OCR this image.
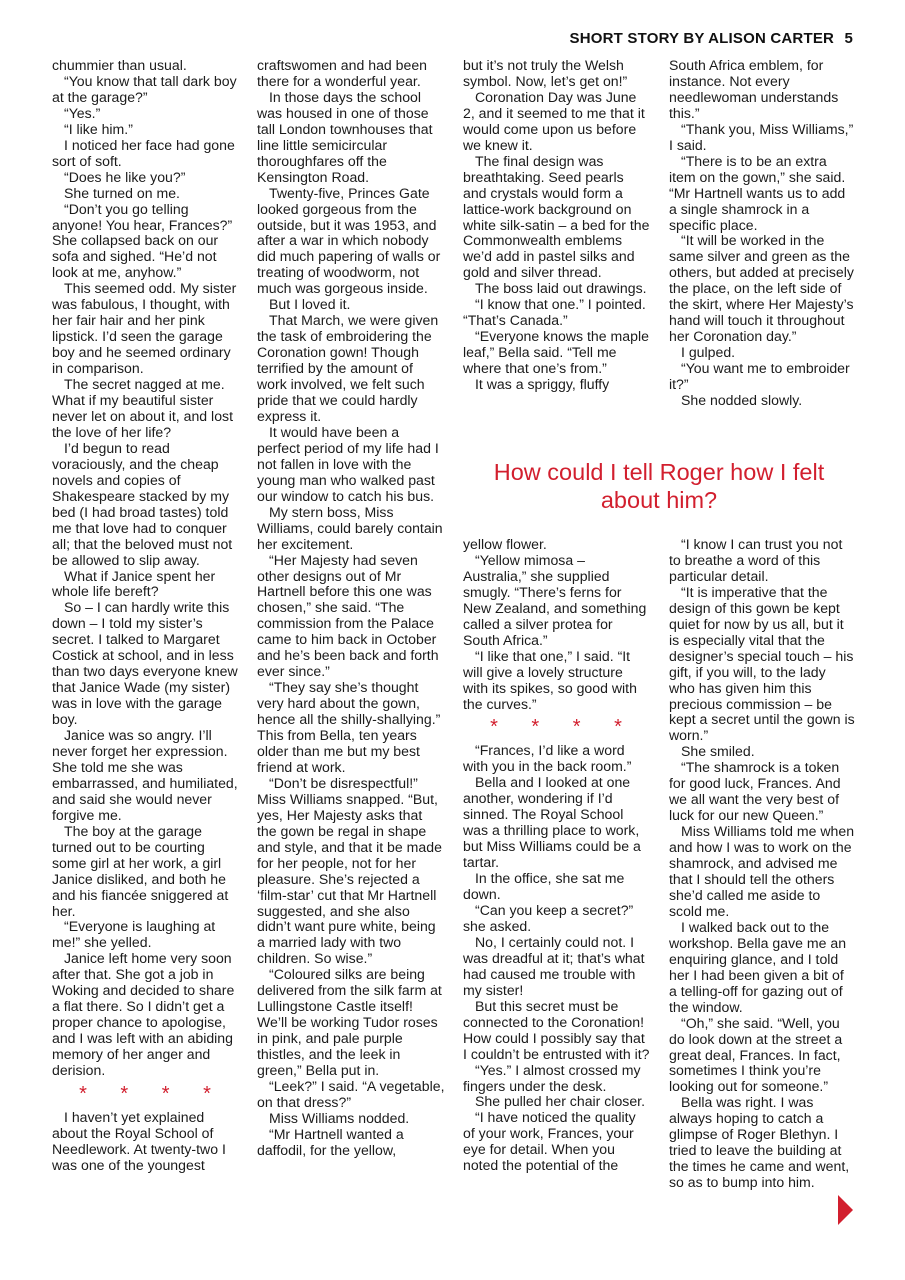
SHORT STORY BY ALISON CARTER 5

chummier than usual.

“You know that tall dark boy at the garage?”

“Yes.”

“I like him.”

I noticed her face had gone sort of soft.

“Does he like you?”

She turned on me.

“Don’t you go telling anyone! You hear, Frances?” She collapsed back on our sofa and sighed. “He’d not look at me, anyhow.”

This seemed odd. My sister was fabulous, I thought, with her fair hair and her pink lipstick. I’d seen the garage boy and he seemed ordinary in comparison.

The secret nagged at me. What if my beautiful sister never let on about it, and lost the love of her life?

I’d begun to read voraciously, and the cheap novels and copies of Shakespeare stacked by my bed (I had broad tastes) told me that love had to conquer all; that the beloved must not be allowed to slip away.

What if Janice spent her whole life bereft?

So – I can hardly write this down – I told my sister’s secret. I talked to Margaret Costick at school, and in less than two days everyone knew that Janice Wade (my sister) was in love with the garage boy.

Janice was so angry. I’ll never forget her expression. She told me she was embarrassed, and humiliated, and said she would never forgive me.

The boy at the garage turned out to be courting some girl at her work, a girl Janice disliked, and both he and his fiancée sniggered at her.

“Everyone is laughing at me!” she yelled.

Janice left home very soon after that. She got a job in Woking and decided to share a flat there. So I didn’t get a proper chance to apologise, and I was left with an abiding memory of her anger and derision.

* * * *

I haven’t yet explained about the Royal School of Needlework. At twenty-two I was one of the youngest

craftswomen and had been there for a wonderful year.

In those days the school was housed in one of those tall London townhouses that line little semicircular thoroughfares off the Kensington Road.

Twenty-five, Princes Gate looked gorgeous from the outside, but it was 1953, and after a war in which nobody did much papering of walls or treating of woodworm, not much was gorgeous inside.

But I loved it.

That March, we were given the task of embroidering the Coronation gown! Though terrified by the amount of work involved, we felt such pride that we could hardly express it.

It would have been a perfect period of my life had I not fallen in love with the young man who walked past our window to catch his bus.

My stern boss, Miss Williams, could barely contain her excitement.

“Her Majesty had seven other designs out of Mr Hartnell before this one was chosen,” she said. “The commission from the Palace came to him back in October and he’s been back and forth ever since.”

“They say she’s thought very hard about the gown, hence all the shilly-shallying.” This from Bella, ten years older than me but my best friend at work.

“Don’t be disrespectful!” Miss Williams snapped. “But, yes, Her Majesty asks that the gown be regal in shape and style, and that it be made for her people, not for her pleasure. She’s rejected a ‘film-star’ cut that Mr Hartnell suggested, and she also didn’t want pure white, being a married lady with two children. So wise.”

“Coloured silks are being delivered from the silk farm at Lullingstone Castle itself! We’ll be working Tudor roses in pink, and pale purple thistles, and the leek in green,” Bella put in.

“Leek?” I said. “A vegetable, on that dress?”

Miss Williams nodded.

“Mr Hartnell wanted a daffodil, for the yellow,

but it’s not truly the Welsh symbol. Now, let’s get on!”

Coronation Day was June 2, and it seemed to me that it would come upon us before we knew it.

The final design was breathtaking. Seed pearls and crystals would form a lattice-work background on white silk-satin – a bed for the Commonwealth emblems we’d add in pastel silks and gold and silver thread.

The boss laid out drawings.

“I know that one.” I pointed. “That’s Canada.”

“Everyone knows the maple leaf,” Bella said. “Tell me where that one’s from.”

It was a spriggy, fluffy

South Africa emblem, for instance. Not every needlewoman understands this.”

“Thank you, Miss Williams,” I said.

“There is to be an extra item on the gown,” she said. “Mr Hartnell wants us to add a single shamrock in a specific place.

“It will be worked in the same silver and green as the others, but added at precisely the place, on the left side of the skirt, where Her Majesty’s hand will touch it throughout her Coronation day.”

I gulped.

“You want me to embroider it?”

She nodded slowly.

How could I tell Roger how I felt about him?

yellow flower.

“Yellow mimosa – Australia,” she supplied smugly. “There’s ferns for New Zealand, and something called a silver protea for South Africa.”

“I like that one,” I said. “It will give a lovely structure with its spikes, so good with the curves.”

* * * *

“Frances, I’d like a word with you in the back room.”

Bella and I looked at one another, wondering if I’d sinned. The Royal School was a thrilling place to work, but Miss Williams could be a tartar.

In the office, she sat me down.

“Can you keep a secret?” she asked.

No, I certainly could not. I was dreadful at it; that’s what had caused me trouble with my sister!

But this secret must be connected to the Coronation! How could I possibly say that I couldn’t be entrusted with it?

“Yes.” I almost crossed my fingers under the desk.

She pulled her chair closer.

“I have noticed the quality of your work, Frances, your eye for detail. When you noted the potential of the

“I know I can trust you not to breathe a word of this particular detail.

“It is imperative that the design of this gown be kept quiet for now by us all, but it is especially vital that the designer’s special touch – his gift, if you will, to the lady who has given him this precious commission – be kept a secret until the gown is worn.”

She smiled.

“The shamrock is a token for good luck, Frances. And we all want the very best of luck for our new Queen.”

Miss Williams told me when and how I was to work on the shamrock, and advised me that I should tell the others she’d called me aside to scold me.

I walked back out to the workshop. Bella gave me an enquiring glance, and I told her I had been given a bit of a telling-off for gazing out of the window.

“Oh,” she said. “Well, you do look down at the street a great deal, Frances. In fact, sometimes I think you’re looking out for someone.”

Bella was right. I was always hoping to catch a glimpse of Roger Blethyn. I tried to leave the building at the times he came and went, so as to bump into him.
